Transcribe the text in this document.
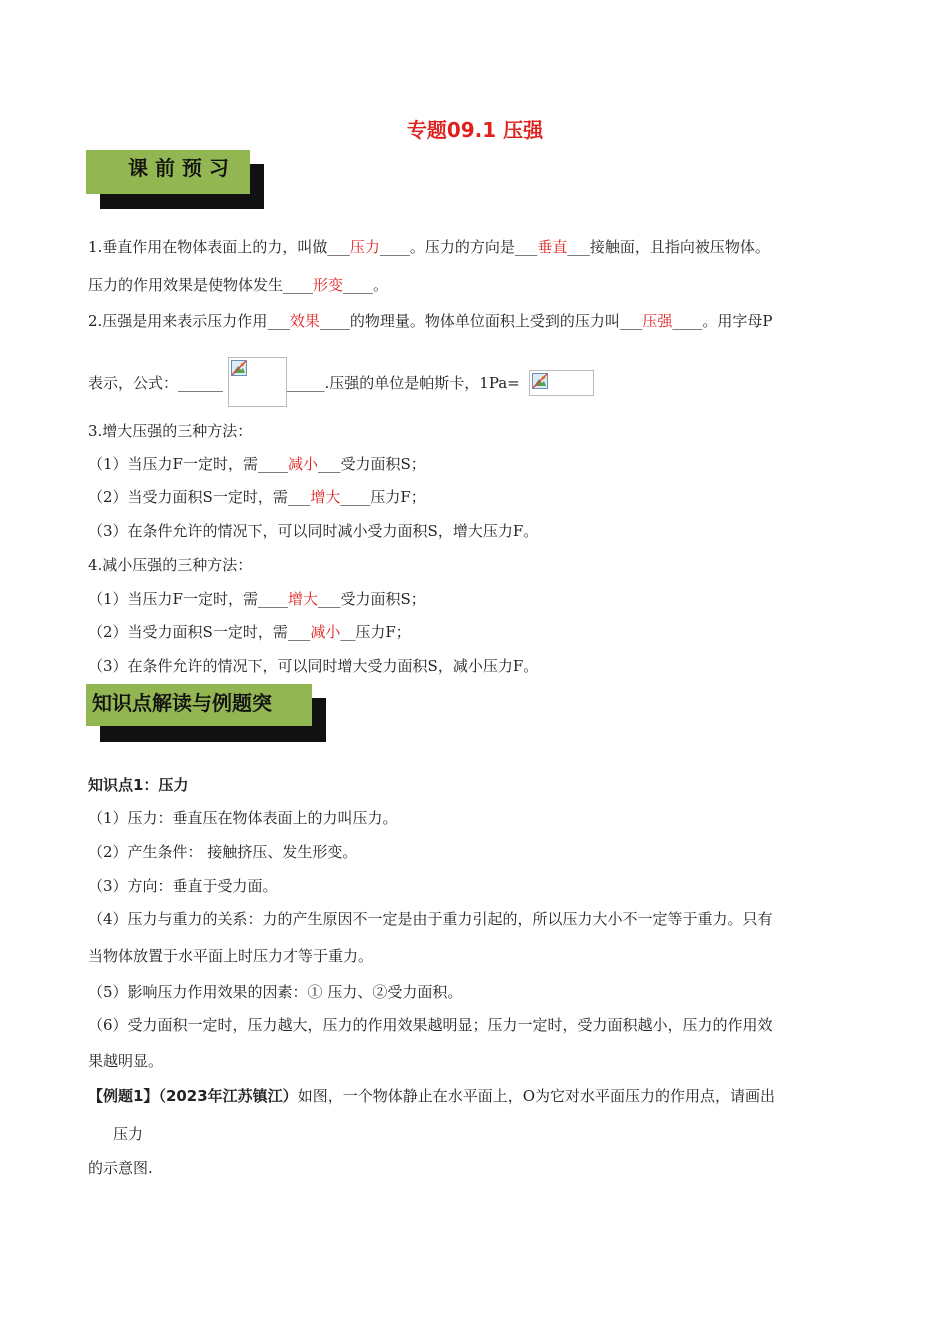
专题09.1 压强
课 前 预 习
1.垂直作用在物体表面上的力，叫做___压力____。压力的方向是___垂直___接触面，且指向被压物体。
压力的作用效果是使物体发生____形变____。
2.压强是用来表示压力作用___效果____的物理量。物体单位面积上受到的压力叫___压强____。用字母P
表示，公式：______	_____.压强的单位是帕斯卡，1Pa=
3.增大压强的三种方法：
（1）当压力F一定时，需____减小___受力面积S；
（2）当受力面积S一定时，需___增大____压力F；
（3）在条件允许的情况下，可以同时减小受力面积S，增大压力F。
4.减小压强的三种方法：
（1）当压力F一定时，需____增大___受力面积S；
（2）当受力面积S一定时，需___减小__压力F；
（3）在条件允许的情况下，可以同时增大受力面积S，减小压力F。
知识点解读与例题突
知识点1：压力
（1）压力：垂直压在物体表面上的力叫压力。
（2）产生条件： 接触挤压、发生形变。
（3）方向：垂直于受力面。
（4）压力与重力的关系：力的产生原因不一定是由于重力引起的，所以压力大小不一定等于重力。只有
当物体放置于水平面上时压力才等于重力。
（5）影响压力作用效果的因素：① 压力、②受力面积。
（6）受力面积一定时，压力越大，压力的作用效果越明显；压力一定时，受力面积越小，压力的作用效
果越明显。
【例题1】（2023年江苏镇江）如图，一个物体静止在水平面上，O为它对水平面压力的作用点，请画出
压力
的示意图.
